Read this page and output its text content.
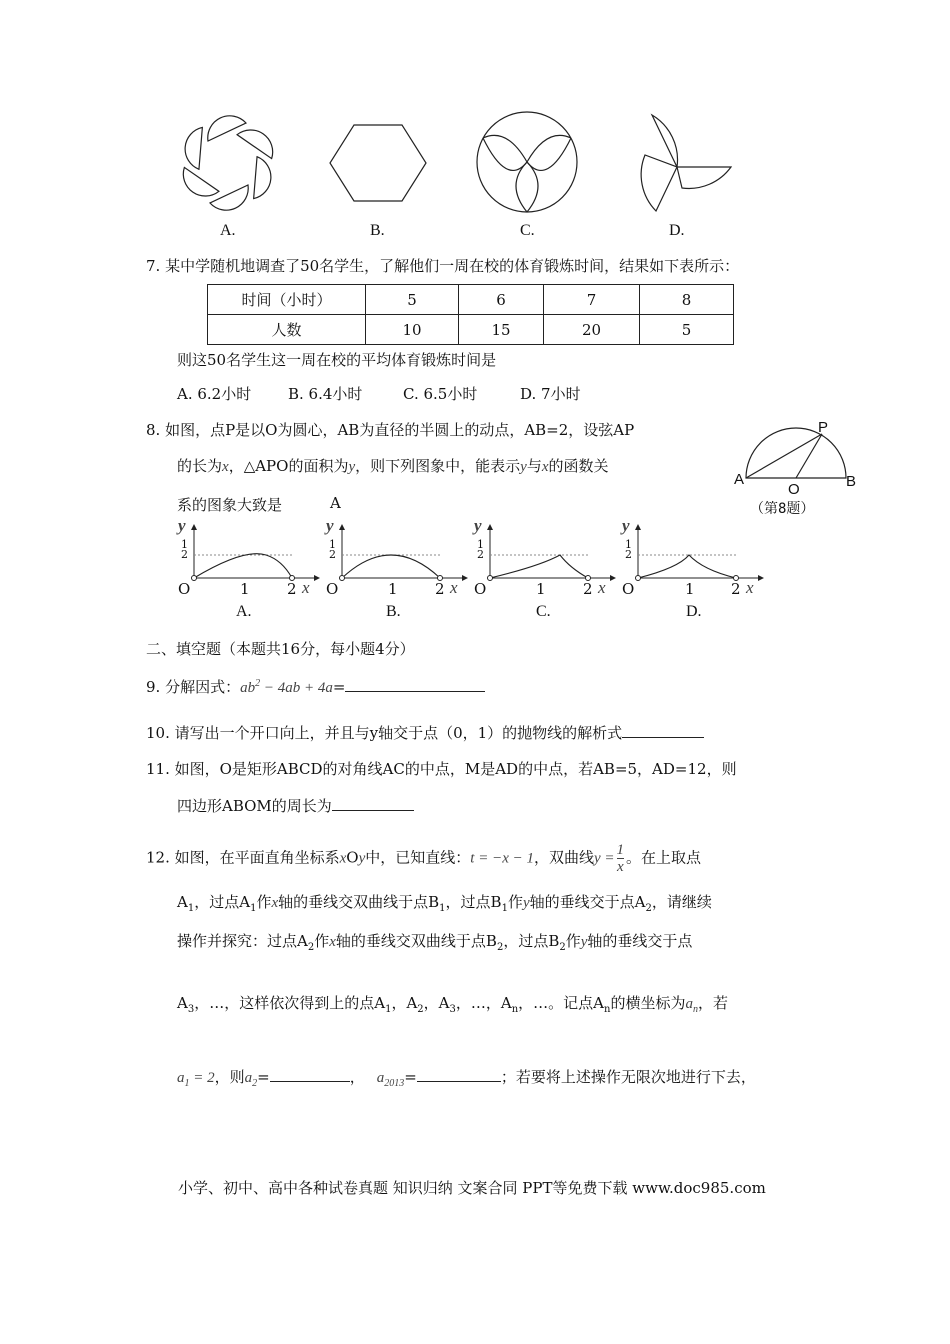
A.	B.	C.	D.
7. 某中学随机地调查了50名学生，了解他们一周在校的体育锻炼时间，结果如下表所示：
时间（小时）	5	6	7	8
人数	10	15	20	5
则这50名学生这一周在校的平均体育锻炼时间是
A. 6.2小时 B. 6.4小时	C. 6.5小时	D. 7小时
8. 如图，点P是以O为圆心，AB为直径的半圆上的动点，AB=2，设弦AP
的长为x，△APO的面积为y，则下列图象中，能表示y与x的函数关
系的图象大致是	A
P
A
O	B
（第8题）
y	y	y	y
1
2
1
2
1
2
1
2
O	O	O	O
1	1	1	1
2	2	2	2
x	x	x	x
A.	B.	C.	D.
二、填空题（本题共16分，每小题4分）
9. 分解因式：$ab^2 - 4ab + 4a=$
10. 请写出一个开口向上，并且与y轴交于点（0，1）的抛物线的解析式
11. 如图，O是矩形ABCD的对角线AC的中点，M是AD的中点，若AB=5，AD=12，则
四边形ABOM的周长为
12. 如图，在平面直角坐标系xOy中，已知直线：t = −x − 1，双曲线$y = \frac{1}{x}$ 。在上取点
$A_1$，过点$A_1$作x轴的垂线交双曲线于点$B_1$，过点$B_1$作y轴的垂线交于点$A_2$，请继续
操作并探究：过点$A_2$作x轴的垂线交双曲线于点$B_2$，过点$B_2$作y轴的垂线交于点
$A_3$，…，这样依次得到上的点$A_1$，$A_2$，$A_3$，…，$A_n$，…。记点$A_n$的横坐标为$a_n$，若
$a_1 = 2$，则$a_2=$	， $a_{2013}=$	；若要将上述操作无限次地进行下去，
小学、初中、高中各种试卷真题 知识归纳 文案合同 PPT等免费下载 www.doc985.com
